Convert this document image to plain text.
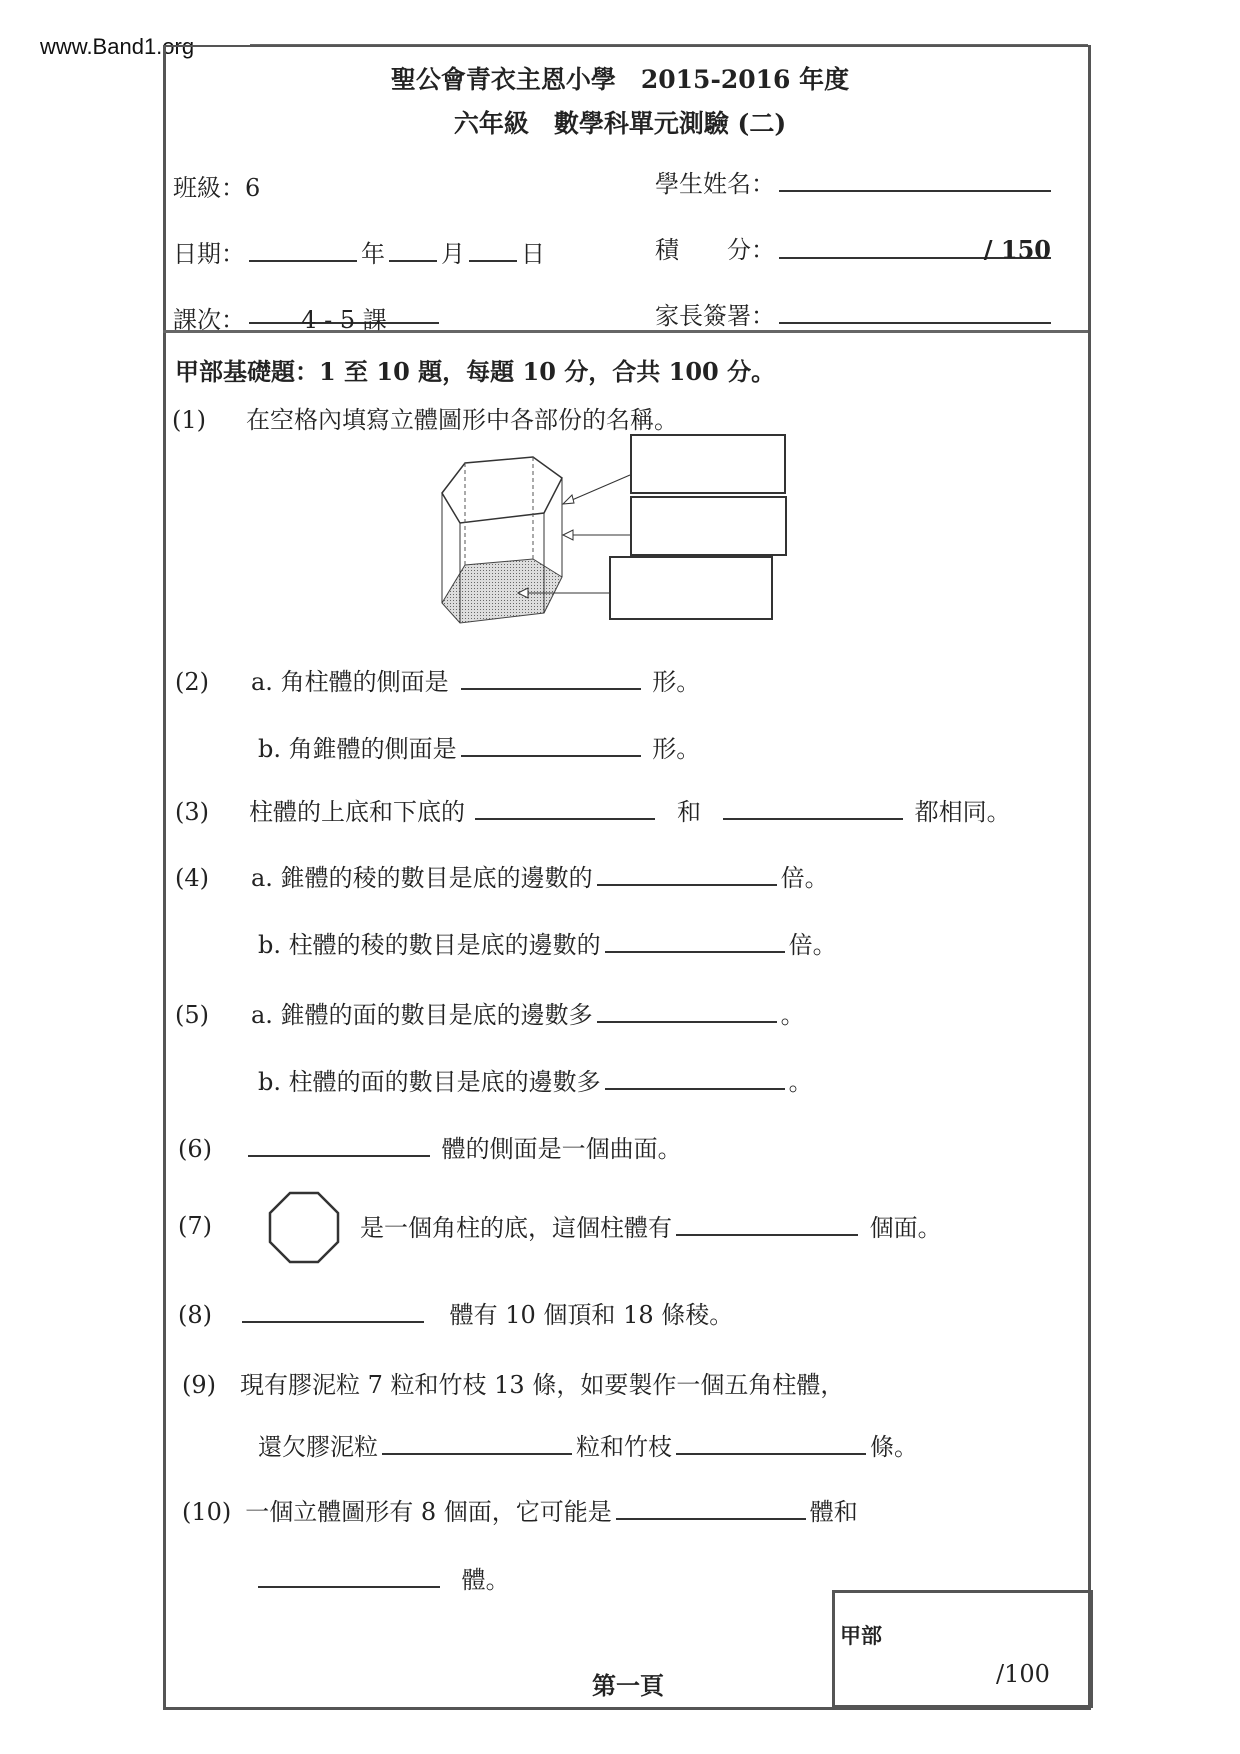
www.Band1.org
聖公會青衣主恩小學　2015-2016 年度
六年級　數學科單元測驗 (二)
班級：6	學生姓名：
日期：	年 月 日	積　　分：	/ 150
課次： 4 - 5 課	家長簽署：
甲部基礎題：1 至 10 題，每題 10 分，合共 100 分。
(1) 在空格內填寫立體圖形中各部份的名稱。
(2) a. 角柱體的側面是	形。
b. 角錐體的側面是	形。
(3) 柱體的上底和下底的	和	都相同。
(4) a. 錐體的稜的數目是底的邊數的	倍。
b. 柱體的稜的數目是底的邊數的	倍。
(5) a. 錐體的面的數目是底的邊數多	。
b. 柱體的面的數目是底的邊數多	。
(6)	體的側面是一個曲面。
(7)	是一個角柱的底，這個柱體有	個面。
(8)	體有 10 個頂和 18 條稜。
(9) 現有膠泥粒 7 粒和竹枝 13 條，如要製作一個五角柱體，
還欠膠泥粒	粒和竹枝	條。
(10) 一個立體圖形有 8 個面，它可能是	體和
體。
甲部
/100
第一頁
